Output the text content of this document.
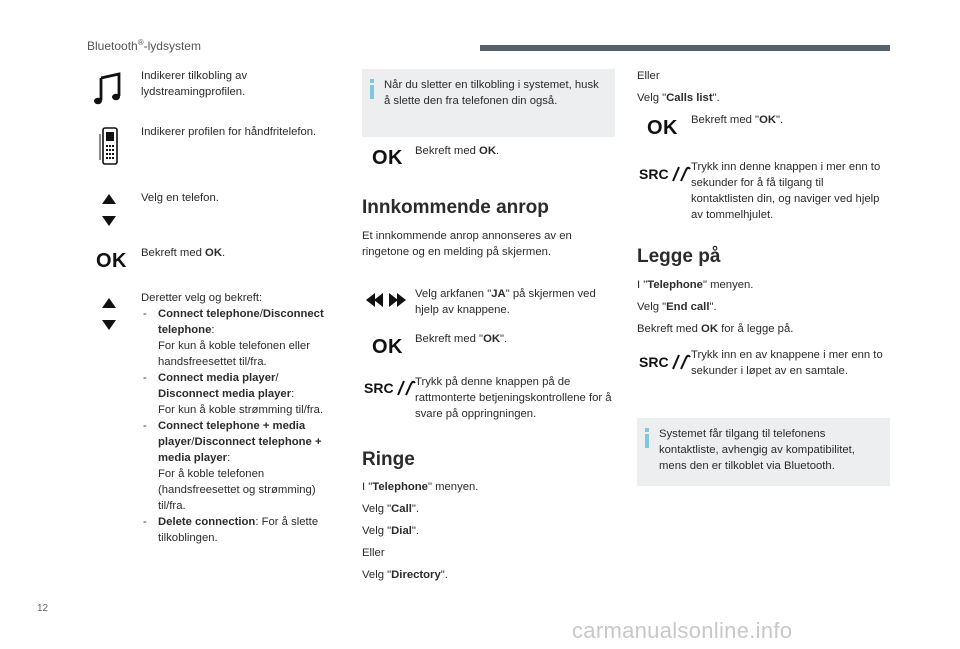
Bluetooth®-lydsystem
Indikerer tilkobling av lydstreamingprofilen.
Indikerer profilen for håndfritelefon.
Velg en telefon.
OK Bekreft med OK.
Deretter velg og bekreft:
- Connect telephone/Disconnect telephone:
For kun å koble telefonen eller handsfreesettet til/fra.
- Connect media player/
Disconnect media player:
For kun å koble strømming til/fra.
- Connect telephone + media player/Disconnect telephone + media player:
For å koble telefonen (handsfreesettet og strømming) til/fra.
- Delete connection: For å slette tilkoblingen.
Når du sletter en tilkobling i systemet, husk å slette den fra telefonen din også.
OK Bekreft med OK.
Innkommende anrop
Et innkommende anrop annonseres av en ringetone og en melding på skjermen.
Velg arkfanen "JA" på skjermen ved hjelp av knappene.
OK Bekreft med "OK".
SRC Trykk på denne knappen på de rattmonterte betjeningskontrollene for å svare på oppringningen.
Ringe
I "Telephone" menyen.
Velg "Call".
Velg "Dial".
Eller
Velg "Directory".
Eller
Velg "Calls list".
OK Bekreft med "OK".
SRC Trykk inn denne knappen i mer enn to sekunder for å få tilgang til kontaktlisten din, og naviger ved hjelp av tommelhjulet.
Legge på
I "Telephone" menyen.
Velg "End call".
Bekreft med OK for å legge på.
SRC Trykk inn en av knappene i mer enn to sekunder i løpet av en samtale.
Systemet får tilgang til telefonens kontaktliste, avhengig av kompatibilitet, mens den er tilkoblet via Bluetooth.
12
carmanualsonline.info
